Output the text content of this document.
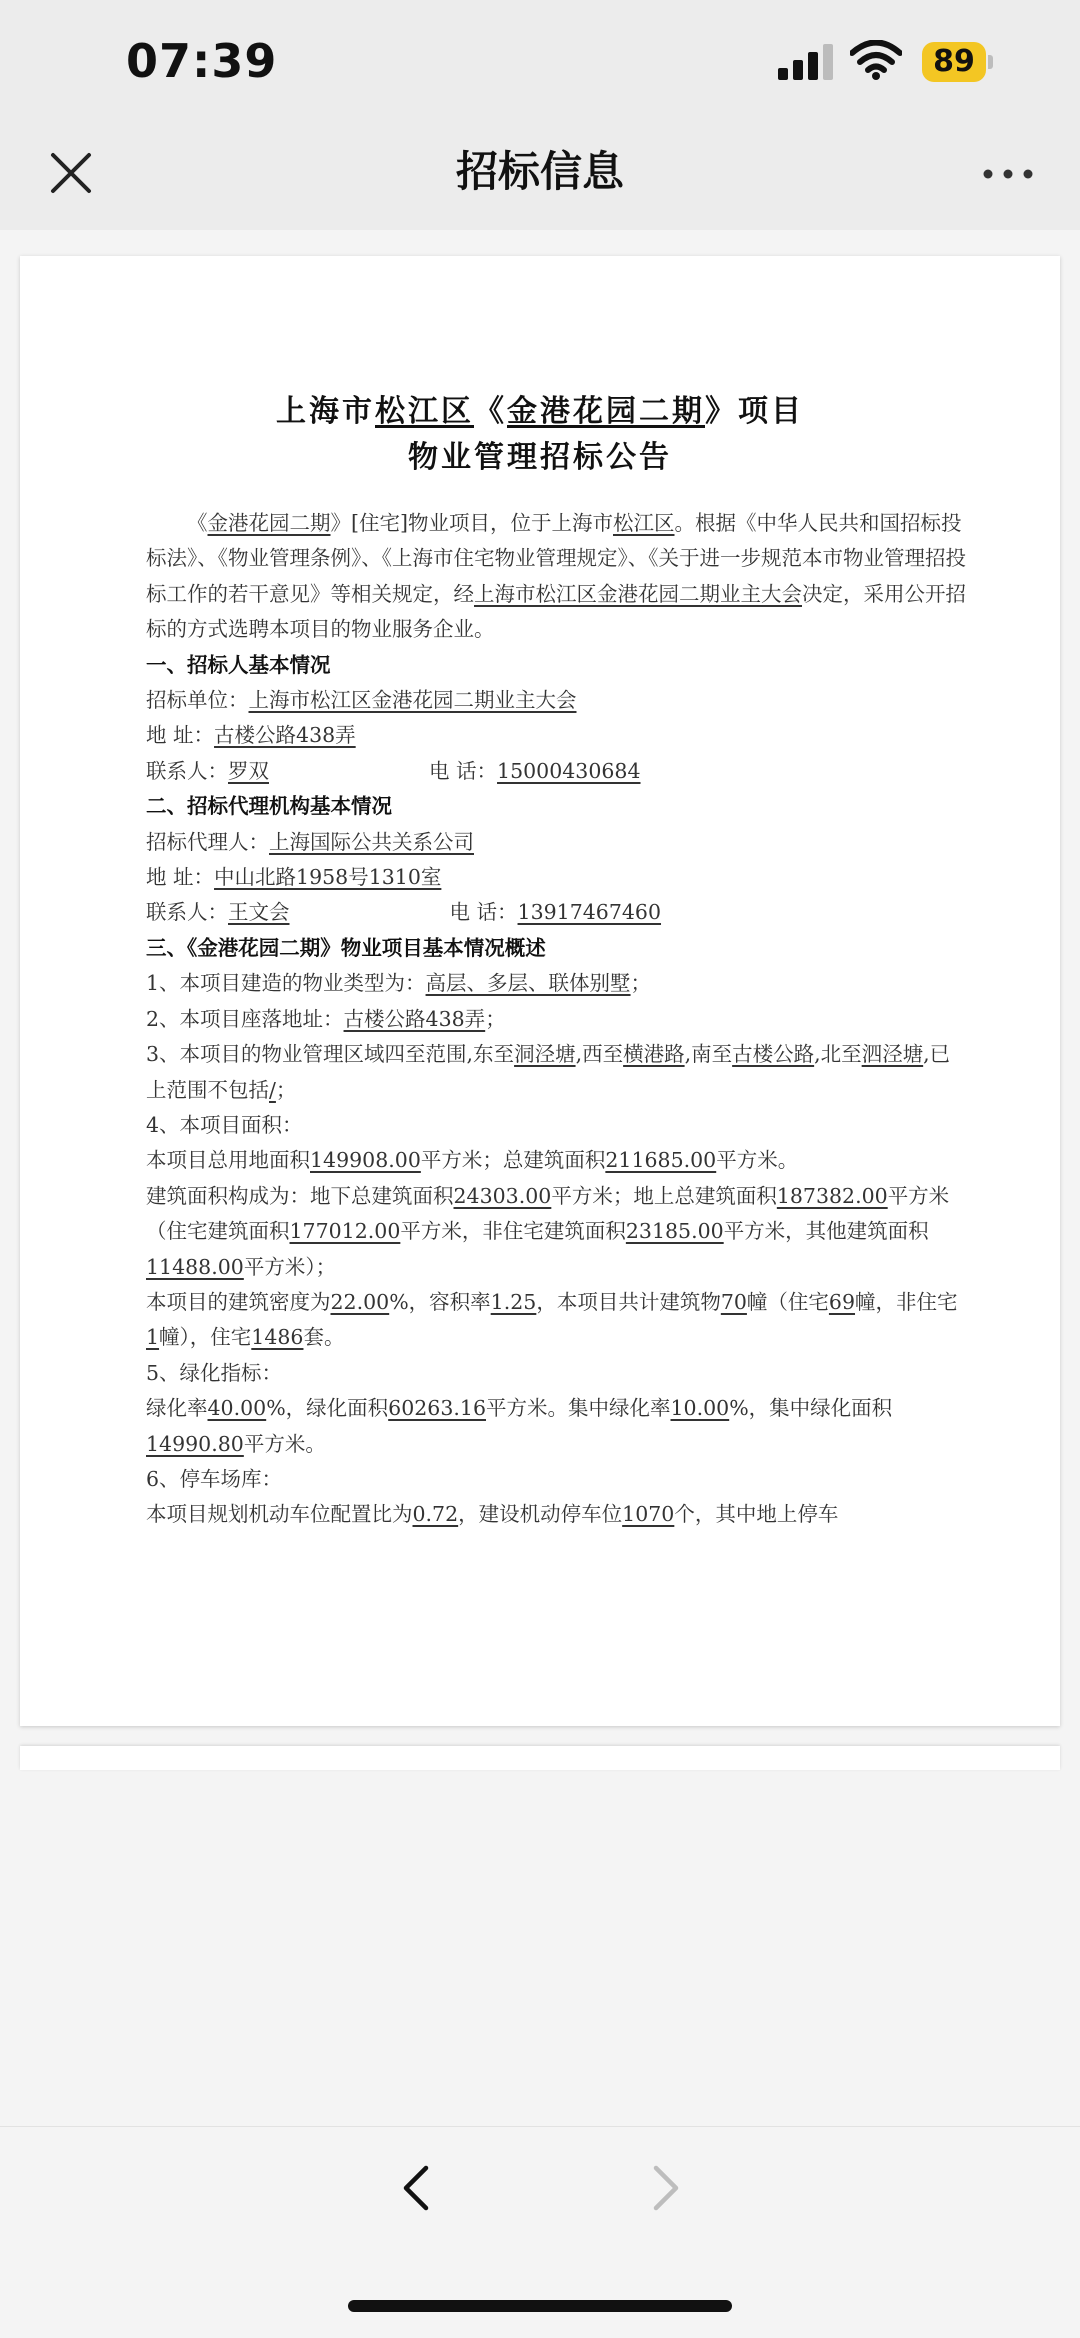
07:39	89
招标信息
上海市松江区《金港花园二期》项目
物业管理招标公告

《金港花园二期》[住宅]物业项目，位于上海市松江区。根据《中华人民共和国招标投标法》、《物业管理条例》、《上海市住宅物业管理规定》、《关于进一步规范本市物业管理招投标工作的若干意见》等相关规定，经上海市松江区金港花园二期业主大会决定，采用公开招标的方式选聘本项目的物业服务企业。

一、招标人基本情况

招标单位：上海市松江区金港花园二期业主大会

地 址：古楼公路438弄

联系人：罗双	电 话：15000430684

二、招标代理机构基本情况

招标代理人：上海国际公共关系公司

地 址：中山北路1958号1310室

联系人：王文会	电 话：13917467460

三、《金港花园二期》物业项目基本情况概述

1、本项目建造的物业类型为：高层、多层、联体别墅；

2、本项目座落地址：古楼公路438弄；

3、本项目的物业管理区域四至范围,东至洞泾塘,西至横港路,南至古楼公路,北至泗泾塘,已上范围不包括/；

4、本项目面积：

本项目总用地面积149908.00平方米；总建筑面积211685.00平方米。

建筑面积构成为：地下总建筑面积24303.00平方米；地上总建筑面积187382.00平方米（住宅建筑面积177012.00平方米，非住宅建筑面积23185.00平方米，其他建筑面积11488.00平方米）；

本项目的建筑密度为22.00%，容积率1.25，本项目共计建筑物70幢（住宅69幢，非住宅1幢），住宅1486套。

5、绿化指标：

绿化率40.00%，绿化面积60263.16平方米。集中绿化率10.00%，集中绿化面积14990.80平方米。

6、停车场库：

本项目规划机动车位配置比为0.72，建设机动停车位1070个，其中地上停车
